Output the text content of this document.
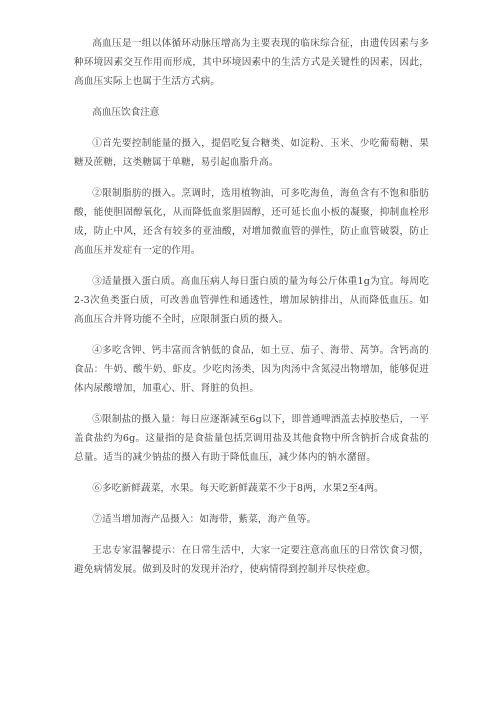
高血压是一组以体循环动脉压增高为主要表现的临床综合征，由遗传因素与多种环境因素交互作用而形成，其中环境因素中的生活方式是关键性的因素，因此，高血压实际上也属于生活方式病。

高血压饮食注意

①首先要控制能量的摄入，提倡吃复合糖类、如淀粉、玉米、少吃葡萄糖、果糖及蔗糖，这类糖属于单糖，易引起血脂升高。

②限制脂肪的摄入。烹调时，选用植物油，可多吃海鱼，海鱼含有不饱和脂肪酸，能使胆固醇氧化，从而降低血浆胆固醇，还可延长血小板的凝聚，抑制血栓形成，防止中风，还含有较多的亚油酸，对增加微血管的弹性，防止血管破裂，防止高血压并发症有一定的作用。

③适量摄入蛋白质。高血压病人每日蛋白质的量为每公斤体重1g为宜。每周吃2-3次鱼类蛋白质，可改善血管弹性和通透性，增加尿钠排出，从而降低血压。如高血压合并肾功能不全时，应限制蛋白质的摄入。

④多吃含钾、钙丰富而含钠低的食品，如土豆、茄子、海带、莴笋。含钙高的食品：牛奶、酸牛奶、虾皮。少吃肉汤类，因为肉汤中含氮浸出物增加，能够促进体内尿酸增加，加重心、肝、肾脏的负担。

⑤限制盐的摄入量：每日应逐渐减至6g以下，即普通啤酒盖去掉胶垫后，一平盖食盐约为6g。这量指的是食盐量包括烹调用盐及其他食物中所含钠折合成食盐的总量。适当的减少钠盐的摄入有助于降低血压，减少体内的钠水潴留。

⑥多吃新鲜蔬菜，水果。每天吃新鲜蔬菜不少于8两，水果2至4两。

⑦适当增加海产品摄入：如海带，紫菜，海产鱼等。

王忠专家温馨提示：在日常生活中，大家一定要注意高血压的日常饮食习惯，避免病情发展。做到及时的发现并治疗，使病情得到控制并尽快痊愈。
